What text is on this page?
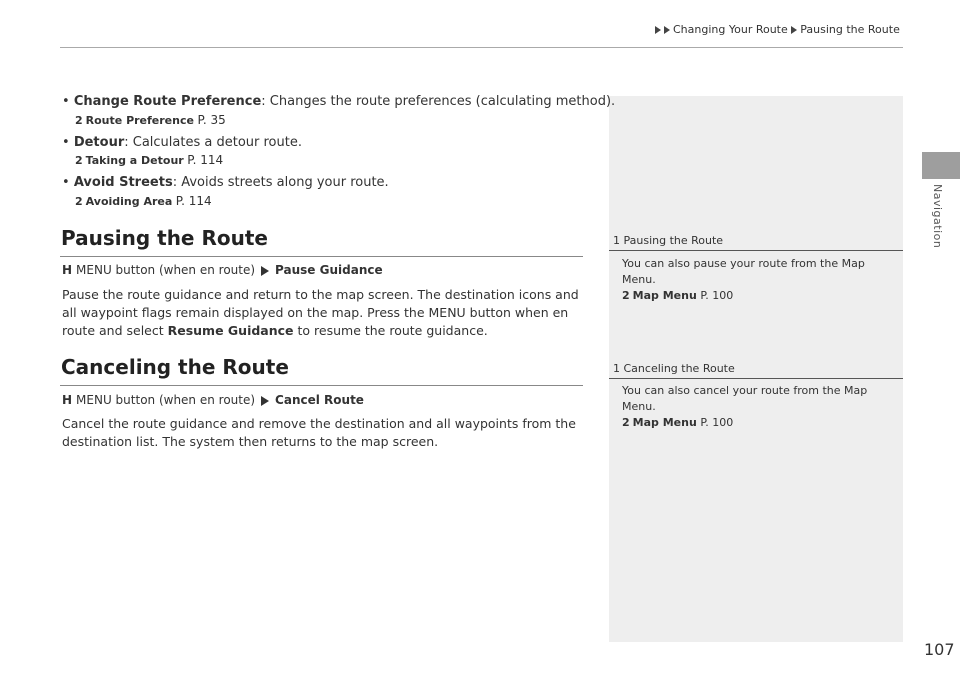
Changing Your Route Pausing the Route
Navigation
• Change Route Preference: Changes the route preferences (calculating method).
2 Route Preference P. 35
• Detour: Calculates a detour route.
2 Taking a Detour P. 114
• Avoid Streets: Avoids streets along your route.
2 Avoiding Area P. 114
Pausing the Route
H MENU button (when en route) Pause Guidance
Pause the route guidance and return to the map screen. The destination icons and all waypoint flags remain displayed on the map. Press the MENU button when en route and select Resume Guidance to resume the route guidance.
Canceling the Route
H MENU button (when en route) Cancel Route
Cancel the route guidance and remove the destination and all waypoints from the destination list. The system then returns to the map screen.
1 Pausing the Route
You can also pause your route from the Map Menu.
2 Map Menu P. 100
1 Canceling the Route
You can also cancel your route from the Map Menu.
2 Map Menu P. 100
107
